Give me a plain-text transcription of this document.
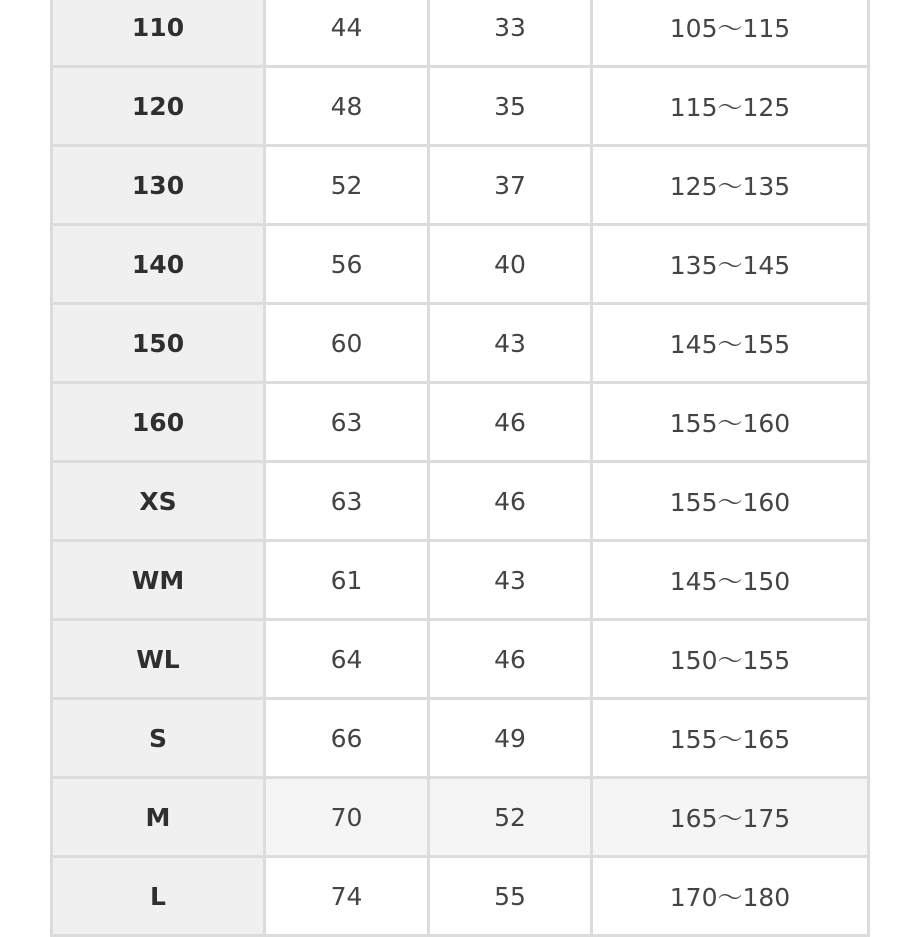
110	44	33	105〜115
120	48	35	115〜125
130	52	37	125〜135
140	56	40	135〜145
150	60	43	145〜155
160	63	46	155〜160
XS	63	46	155〜160
WM	61	43	145〜150
WL	64	46	150〜155
S	66	49	155〜165
M	70	52	165〜175
L	74	55	170〜180
